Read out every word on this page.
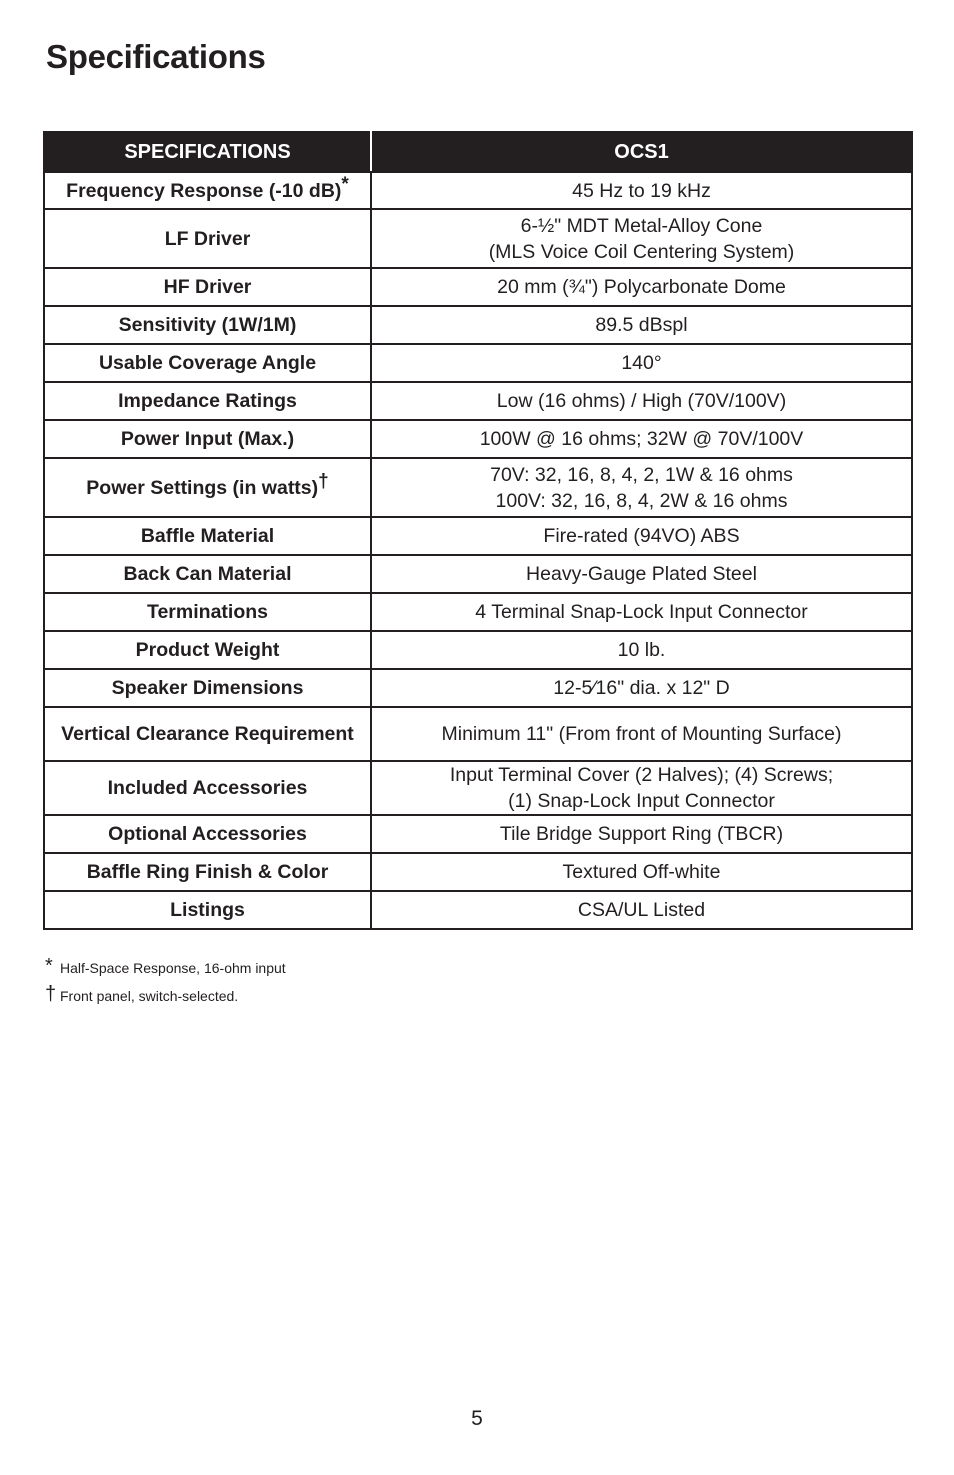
Specifications
SPECIFICATIONS	OCS1
Frequency Response (-10 dB)*	45 Hz to 19 kHz

LF Driver	6-½" MDT Metal-Alloy Cone
(MLS Voice Coil Centering System)

HF Driver	20 mm (¾") Polycarbonate Dome

Sensitivity (1W/1M)	89.5 dBspl

Usable Coverage Angle	140°

Impedance Ratings	Low (16 ohms) / High (70V/100V)

Power Input (Max.)	100W @ 16 ohms; 32W @ 70V/100V

Power Settings (in watts)†	70V: 32, 16, 8, 4, 2, 1W & 16 ohms
100V: 32, 16, 8, 4, 2W & 16 ohms

Baffle Material	Fire-rated (94VO) ABS

Back Can Material	Heavy-Gauge Plated Steel

Terminations	4 Terminal Snap-Lock Input Connector

Product Weight	10 lb.

Speaker Dimensions	12-5⁄16" dia. x 12" D

Vertical Clearance Requirement	Minimum 11" (From front of Mounting Surface)

Included Accessories	Input Terminal Cover (2 Halves); (4) Screws;
(1) Snap-Lock Input Connector

Optional Accessories	Tile Bridge Support Ring (TBCR)

Baffle Ring Finish & Color	Textured Off-white

Listings	CSA/UL Listed
* Half-Space Response, 16-ohm input
† Front panel, switch-selected.
5
